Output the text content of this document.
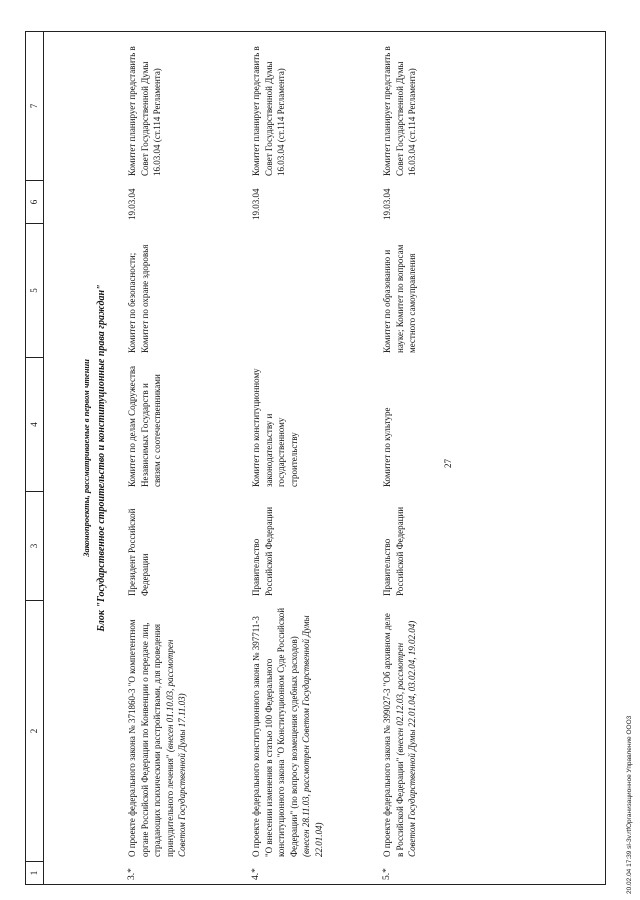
27
1
2
3
4
5
6
7
Законопроекты, рассматриваемые в первом чтении Блок "Государственное строительство и конституционные права граждан"
3.*
О проекте федерального закона № 371860-3 "О компетентном органе Российской Федерации по Конвенции о передаче лиц, страдающих психическими расстройствами, для проведения принудительного лечения" (внесен 01.10.03, рассмотрен Советом Государственной Думы 17.11.03)
Президент Российской Федерации
Комитет по делам Содружества Независимых Государств и связям с соотечественниками
Комитет по безопасности; Комитет по охране здоровья
19.03.04
Комитет планирует представить в Совет Государственной Думы 16.03.04 (ст.114 Регламента)
4.*
О проекте федерального конституционного закона № 397711-3 "О внесении изменения в статью 100 Федерального конституционного закона "О Конституционном Суде Российской Федерации" (по вопросу возмещения судебных расходов) (внесен 28.11.03, рассмотрен Советом Государственной Думы 22.01.04)
Правительство Российской Федерации
Комитет по конституционному законодательству и государственному строительству
19.03.04
Комитет планирует представить в Совет Государственной Думы 16.03.04 (ст.114 Регламента)
5.*
О проекте федерального закона № 399027-3 "Об архивном деле в Российской Федерации" (внесен 02.12.03, рассмотрен Советом Государственной Думы 22.01.04, 03.02.04, 19.02.04)
Правительство Российской Федерации
Комитет по культуре
Комитет по образованию и науке; Комитет по вопросам местного самоуправления
19.03.04
Комитет планирует представить в Совет Государственной Думы 16.03.04 (ст.114 Регламента)
20.02.04 17:39 sl-3v.rtfОрганизационное Управление ООО3
